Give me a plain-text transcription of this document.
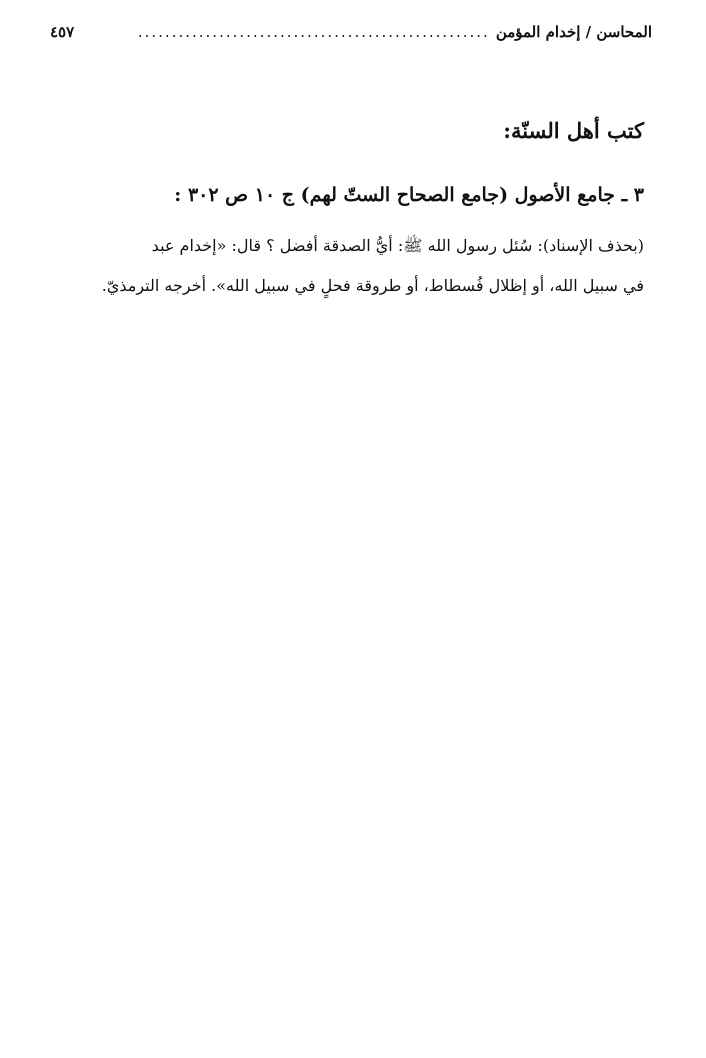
المحاسن / إخدام المؤمن
....................................................
٤٥٧
كتب أهل السنّة:
٣ ـ جامع الأصول (جامع الصحاح الستّ لهم) ج ١٠ ص ٣٠٢ :
(بحذف الإسناد): سُئل رسول الله ﷺ: أيُّ الصدقة أفضل ؟ قال: «إخدام عبد
في سبيل الله، أو إظلال فُسطاط، أو طروقة فحلٍ في سبيل الله». أخرجه الترمذيّ.
